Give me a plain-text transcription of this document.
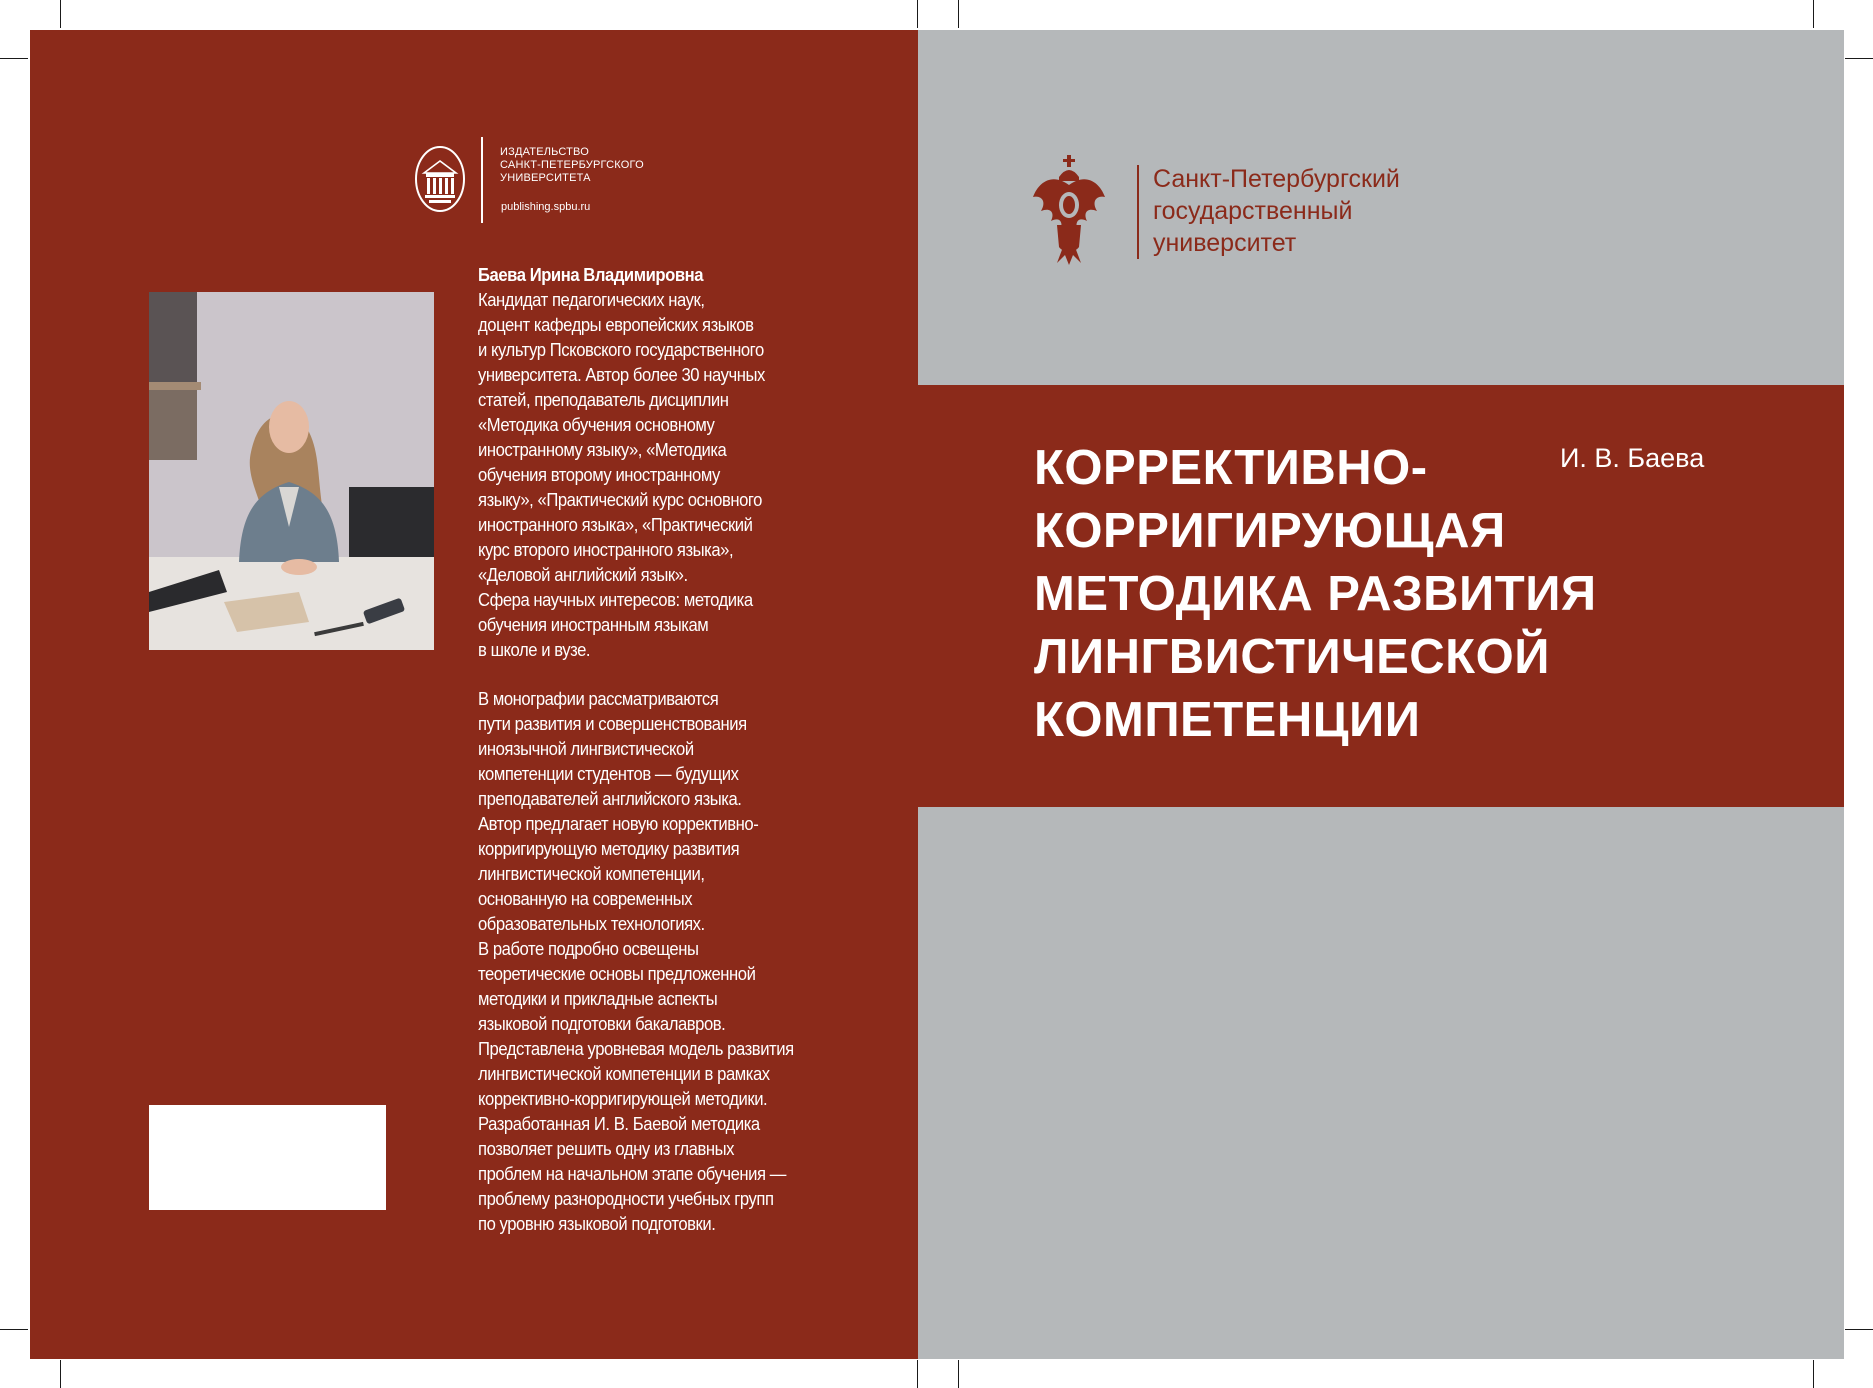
ИЗДАТЕЛЬСТВО
САНКТ-ПЕТЕРБУРГСКОГО
УНИВЕРСИТЕТА
publishing.spbu.ru
Баева Ирина Владимировна
Кандидат педагогических наук,
доцент кафедры европейских языков
и культур Псковского государственного
университета. Автор более 30 научных
статей, преподаватель дисциплин
«Методика обучения основному
иностранному языку», «Методика
обучения второму иностранному
языку», «Практический курс основного
иностранного языка», «Практический
курс второго иностранного языка»,
«Деловой английский язык».
Сфера научных интересов: методика
обучения иностранным языкам
в школе и вузе.
В монографии рассматриваются
пути развития и совершенствования
иноязычной лингвистической
компетенции студентов — будущих
преподавателей английского языка.
Автор предлагает новую коррективно-
корригирующую методику развития
лингвистической компетенции,
основанную на современных
образовательных технологиях.
В работе подробно освещены
теоретические основы предложенной
методики и прикладные аспекты
языковой подготовки бакалавров.
Представлена уровневая модель развития
лингвистической компетенции в рамках
коррективно-корригирующей методики.
Разработанная И. В. Баевой методика
позволяет решить одну из главных
проблем на начальном этапе обучения —
проблему разнородности учебных групп
по уровню языковой подготовки.
Санкт-Петербургский
государственный
университет
И. В. Баева
КОРРЕКТИВНО-
КОРРИГИРУЮЩАЯ
МЕТОДИКА РАЗВИТИЯ
ЛИНГВИСТИЧЕСКОЙ
КОМПЕТЕНЦИИ
